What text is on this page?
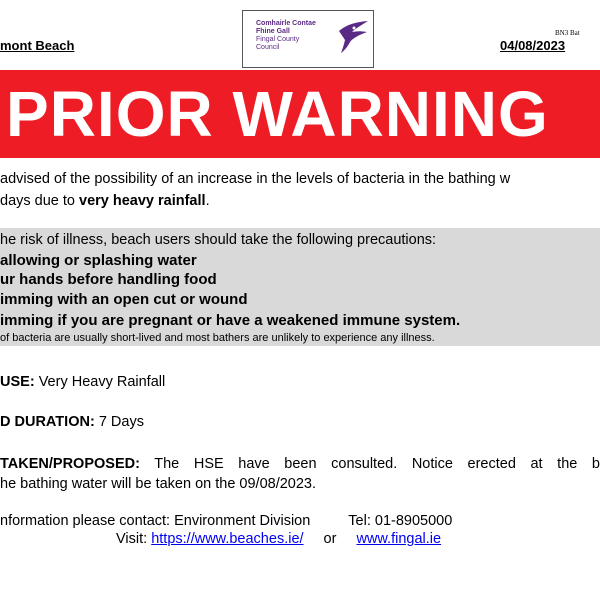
mont Beach
Comhairle Contae
Fhine Gall
Fingal County
Council
BN3 Bat
04/08/2023
PRIOR WARNING
advised of the possibility of an increase in the levels of bacteria in the bathing w
days due to very heavy rainfall.
he risk of illness, beach users should take the following precautions:
allowing or splashing water
ur hands before handling food
imming with an open cut or wound
imming if you are pregnant or have a weakened immune system.
of bacteria are usually short-lived and most bathers are unlikely to experience any illness.
USE: Very Heavy Rainfall
D DURATION: 7 Days
TAKEN/PROPOSED: The HSE have been consulted. Notice erected at the b
he bathing water will be taken on the 09/08/2023.
nformation please contact: Environment Division	Tel: 01-8905000
Visit: https://www.beaches.ie/ or www.fingal.ie
